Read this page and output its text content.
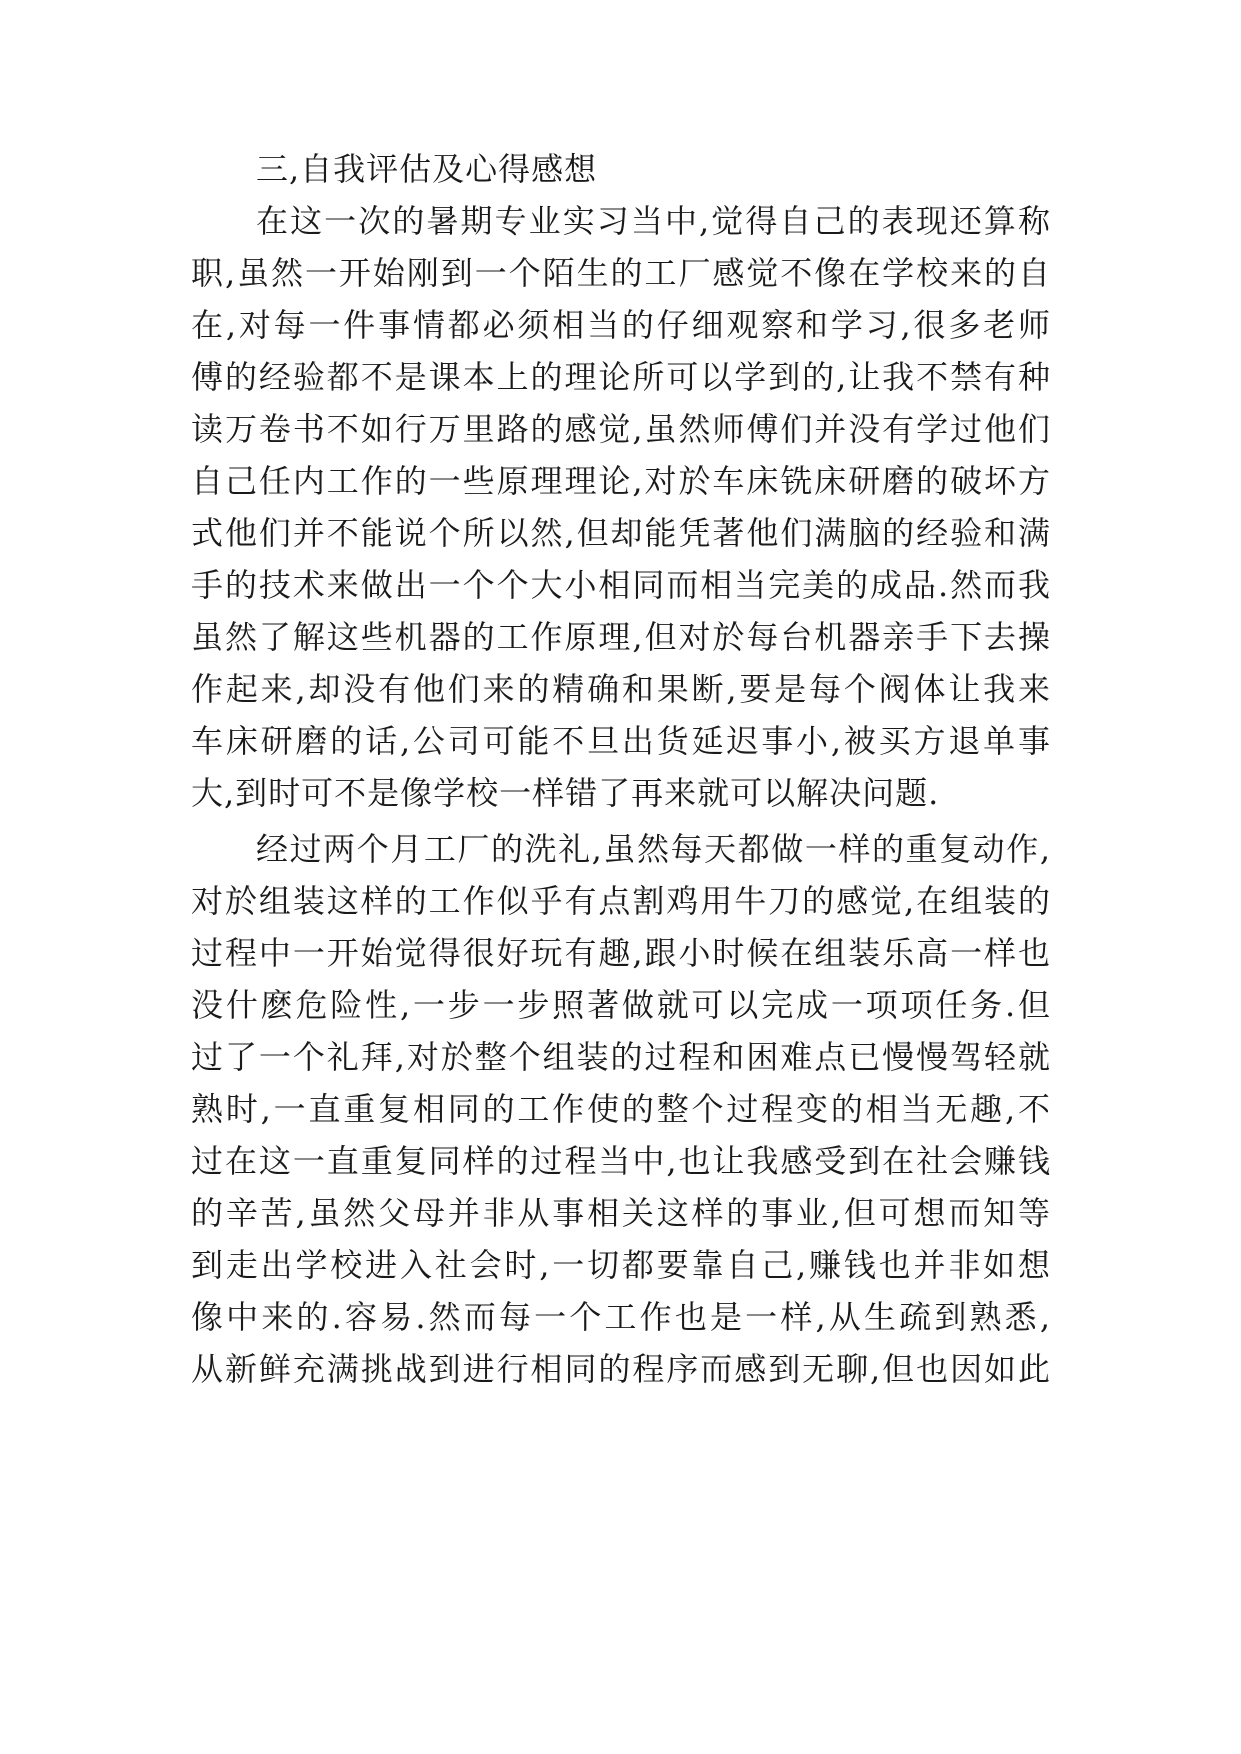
三,自我评估及心得感想
在这一次的暑期专业实习当中,觉得自己的表现还算称
职,虽然一开始刚到一个陌生的工厂感觉不像在学校来的自
在,对每一件事情都必须相当的仔细观察和学习,很多老师
傅的经验都不是课本上的理论所可以学到的,让我不禁有种
读万卷书不如行万里路的感觉,虽然师傅们并没有学过他们
自己任内工作的一些原理理论,对於车床铣床研磨的破坏方
式他们并不能说个所以然,但却能凭著他们满脑的经验和满
手的技术来做出一个个大小相同而相当完美的成品.然而我
虽然了解这些机器的工作原理,但对於每台机器亲手下去操
作起来,却没有他们来的精确和果断,要是每个阀体让我来
车床研磨的话,公司可能不旦出货延迟事小,被买方退单事
大,到时可不是像学校一样错了再来就可以解决问题.
经过两个月工厂的洗礼,虽然每天都做一样的重复动作,
对於组装这样的工作似乎有点割鸡用牛刀的感觉,在组装的
过程中一开始觉得很好玩有趣,跟小时候在组装乐高一样也
没什麽危险性,一步一步照著做就可以完成一项项任务.但
过了一个礼拜,对於整个组装的过程和困难点已慢慢驾轻就
熟时,一直重复相同的工作使的整个过程变的相当无趣,不
过在这一直重复同样的过程当中,也让我感受到在社会赚钱
的辛苦,虽然父母并非从事相关这样的事业,但可想而知等
到走出学校进入社会时,一切都要靠自己,赚钱也并非如想
像中来的.容易.然而每一个工作也是一样,从生疏到熟悉,
从新鲜充满挑战到进行相同的程序而感到无聊,但也因如此
